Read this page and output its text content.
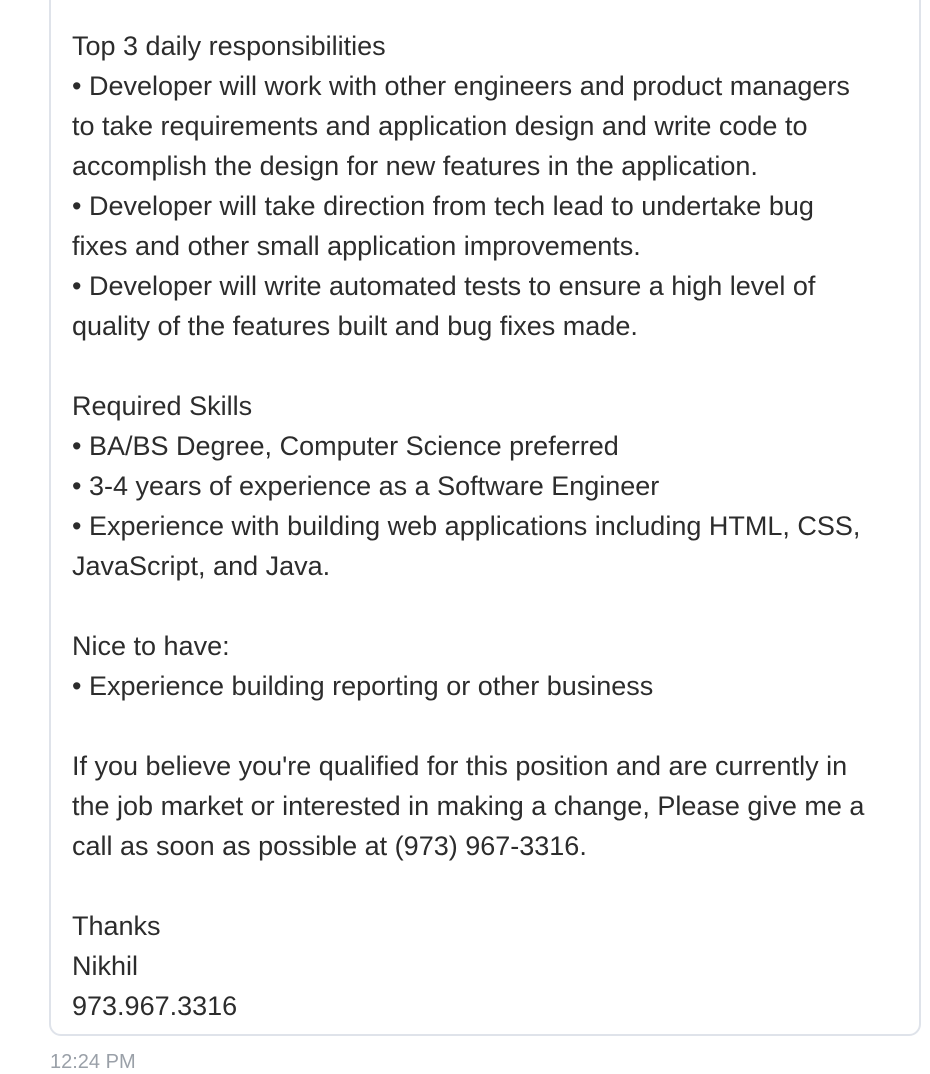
Top 3 daily responsibilities
• Developer will work with other engineers and product managers
to take requirements and application design and write code to
accomplish the design for new features in the application.
• Developer will take direction from tech lead to undertake bug
fixes and other small application improvements.
• Developer will write automated tests to ensure a high level of
quality of the features built and bug fixes made.
Required Skills
• BA/BS Degree, Computer Science preferred
• 3-4 years of experience as a Software Engineer
• Experience with building web applications including HTML, CSS,
JavaScript, and Java.
Nice to have:
• Experience building reporting or other business
If you believe you're qualified for this position and are currently in
the job market or interested in making a change, Please give me a
call as soon as possible at (973) 967-3316.
Thanks
Nikhil
973.967.3316
12:24 PM
